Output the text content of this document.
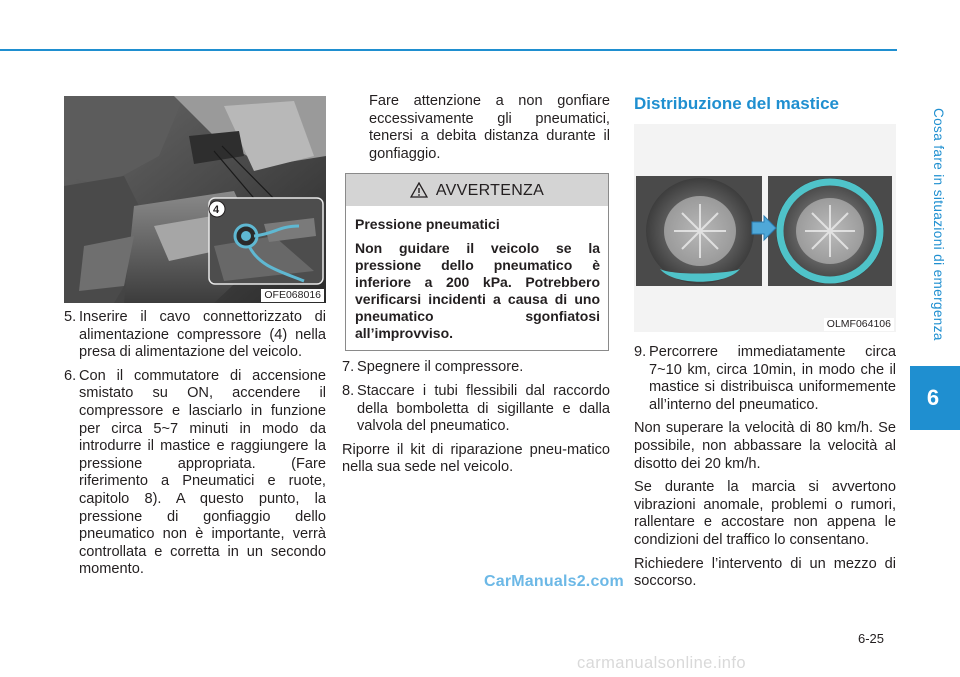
Cosa fare in situazioni di emergenza
6
4
OFE068016
5. Inserire il cavo connettorizzato di alimentazione compressore (4) nella presa di alimentazione del veicolo.
6. Con il commutatore di accensione smistato su ON, accendere il compressore e lasciarlo in funzione per circa 5~7 minuti in modo da introdurre il mastice e raggiungere la pressione appropriata. (Fare riferimento a Pneumatici e ruote, capitolo 8). A questo punto, la pressione di gonfiaggio dello pneumatico non è importante, verrà controllata e corretta in un secondo momento.
Fare attenzione a non gonfiare eccessivamente gli pneumatici, tenersi a debita distanza durante il gonfiaggio.
AVVERTENZA

Pressione pneumatici

Non guidare il veicolo se la pressione dello pneumatico è inferiore a 200 kPa. Potrebbero verificarsi incidenti a causa di uno pneumatico sgonfiatosi all’improvviso.

7. Spegnere il compressore.
8. Staccare i tubi flessibili dal raccordo della bomboletta di sigillante e dalla valvola del pneumatico.
Riporre il kit di riparazione pneu-matico nella sua sede nel veicolo.
Distribuzione del mastice
OLMF064106
9. Percorrere immediatamente circa 7~10 km, circa 10min, in modo che il mastice si distribuisca uniformemente all’interno del pneumatico.
Non superare la velocità di 80 km/h. Se possibile, non abbassare la velocità al disotto dei 20 km/h.
Se durante la marcia si avvertono vibrazioni anomale, problemi o rumori, rallentare e accostare non appena le condizioni del traffico lo consentano.
Richiedere l’intervento di un mezzo di soccorso.
CarManuals2.com
6-25
carmanualsonline.info
